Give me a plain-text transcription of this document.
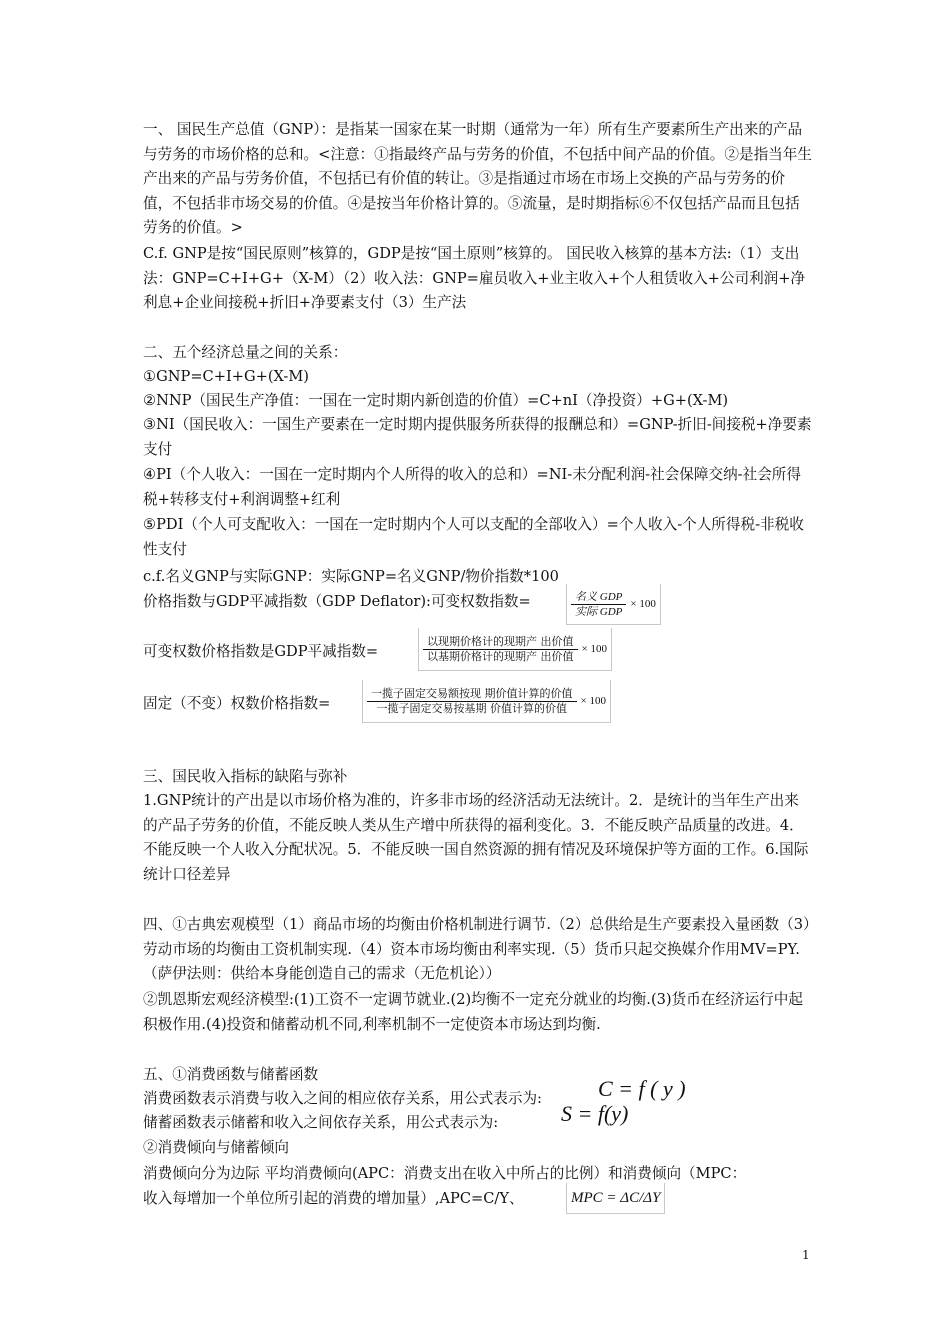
一、 国民生产总值（GNP）：是指某一国家在某一时期（通常为一年）所有生产要素所生产出来的产品与劳务的市场价格的总和。<注意：①指最终产品与劳务的价值，不包括中间产品的价值。②是指当年生产出来的产品与劳务价值，不包括已有价值的转让。③是指通过市场在市场上交换的产品与劳务的价值，不包括非市场交易的价值。④是按当年价格计算的。⑤流量，是时期指标⑥不仅包括产品而且包括劳务的价值。>
C.f. GNP是按“国民原则”核算的，GDP是按“国土原则”核算的。 国民收入核算的基本方法:（1）支出法：GNP=C+I+G+（X-M）（2）收入法：GNP=雇员收入+业主收入+个人租赁收入+公司利润+净利息+企业间接税+折旧+净要素支付（3）生产法
二、五个经济总量之间的关系：
①GNP=C+I+G+(X-M)
②NNP（国民生产净值：一国在一定时期内新创造的价值）=C+nI（净投资）+G+(X-M)
③NI（国民收入：一国生产要素在一定时期内提供服务所获得的报酬总和）=GNP-折旧-间接税+净要素支付
④PI（个人收入：一国在一定时期内个人所得的收入的总和）=NI-未分配利润-社会保障交纳-社会所得税+转移支付+利润调整+红利
⑤PDI（个人可支配收入：一国在一定时期内个人可以支配的全部收入）=个人收入-个人所得税-非税收性支付
c.f.名义GNP与实际GNP：实际GNP=名义GNP/物价指数*100
价格指数与GDP平减指数（GDP Deflator):可变权数指数=	$\frac{\text{名义 GDP}}{\text{实际 GDP}} \times 100$
可变权数价格指数是GDP平减指数=	$\frac{\text{以现期价格计的现期产 出价值}}{\text{以基期价格计的现期产 出价值}} \times 100$
固定（不变）权数价格指数=	$\frac{\text{一揽子固定交易额按现 期价值计算的价值}}{\text{一揽子固定交易按基期 价值计算的价值}} \times 100$
三、国民收入指标的缺陷与弥补
1.GNP统计的产出是以市场价格为准的，许多非市场的经济活动无法统计。2．是统计的当年生产出来的产品子劳务的价值，不能反映人类从生产增中所获得的福利变化。3．不能反映产品质量的改进。4．不能反映一个人收入分配状况。5．不能反映一国自然资源的拥有情况及环境保护等方面的工作。6.国际统计口径差异
四、①古典宏观模型（1）商品市场的均衡由价格机制进行调节.（2）总供给是生产要素投入量函数（3）劳动市场的均衡由工资机制实现.（4）资本市场均衡由利率实现.（5）货币只起交换媒介作用MV=PY.（萨伊法则：供给本身能创造自己的需求（无危机论））
②凯恩斯宏观经济模型:(1)工资不一定调节就业.(2)均衡不一定充分就业的均衡.(3)货币在经济运行中起积极作用.(4)投资和储蓄动机不同,利率机制不一定使资本市场达到均衡.
五、①消费函数与储蓄函数
消费函数表示消费与收入之间的相应依存关系，用公式表示为:	C = f ( y )
储蓄函数表示储蓄和收入之间依存关系，用公式表示为:	S = f(y)
②消费倾向与储蓄倾向
消费倾向分为边际 平均消费倾向(APC：消费支出在收入中所占的比例）和消费倾向（MPC：
收入每增加一个单位所引起的消费的增加量）,APC=C/Y、	MPC = ΔC/ΔY
1
